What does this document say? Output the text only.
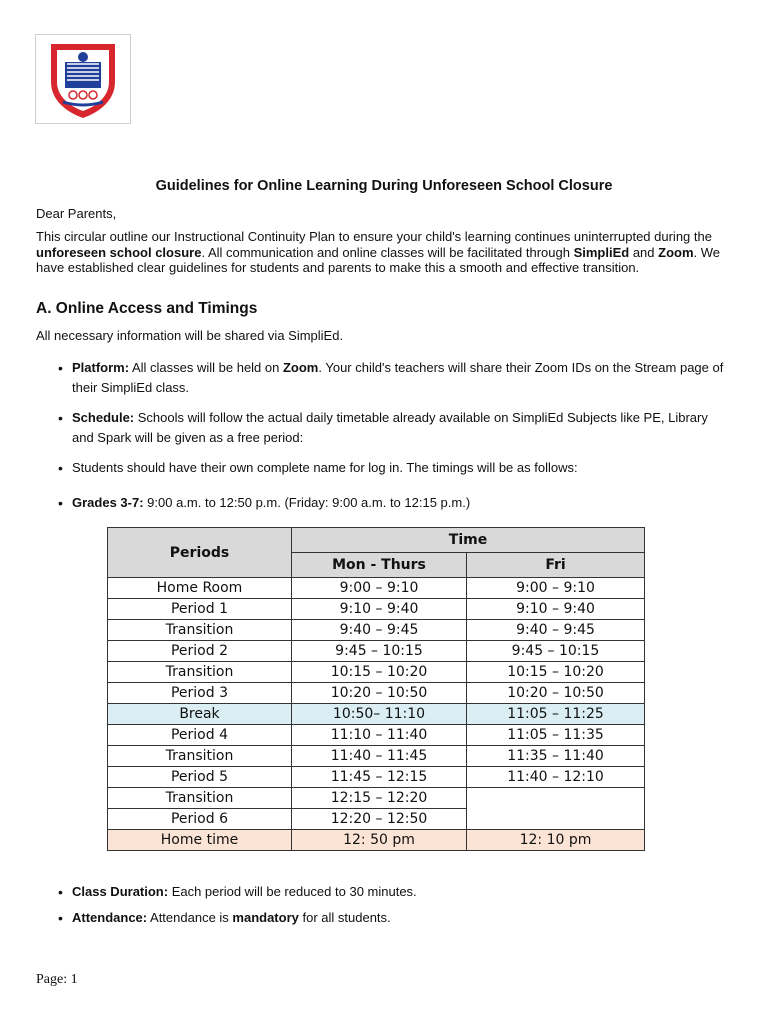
Guidelines for Online Learning During Unforeseen School Closure
Dear Parents,
This circular outline our Instructional Continuity Plan to ensure your child's learning continues uninterrupted during the unforeseen school closure. All communication and online classes will be facilitated through SimpliEd and Zoom. We have established clear guidelines for students and parents to make this a smooth and effective transition.
A. Online Access and Timings
All necessary information will be shared via SimpliEd.
• Platform: All classes will be held on Zoom. Your child's teachers will share their Zoom IDs on the Stream page of their SimpliEd class.
• Schedule: Schools will follow the actual daily timetable already available on SimpliEd Subjects like PE, Library and Spark will be given as a free period:
• Students should have their own complete name for log in. The timings will be as follows:
• Grades 3-7: 9:00 a.m. to 12:50 p.m. (Friday: 9:00 a.m. to 12:15 p.m.)
• Class Duration: Each period will be reduced to 30 minutes.
• Attendance: Attendance is mandatory for all students.
Periods	Time	
	Mon - Thurs	Fri
Home Room	9:00 – 9:10	9:00 – 9:10
Period 1	9:10 – 9:40	9:10 – 9:40
Transition	9:40 – 9:45	9:40 – 9:45
Period 2	9:45 – 10:15	9:45 – 10:15
Transition	10:15 – 10:20	10:15 – 10:20
Period 3	10:20 – 10:50	10:20 – 10:50
Break	10:50– 11:10	11:05 – 11:25
Period 4	11:10 – 11:40	11:05 – 11:35
Transition	11:40 – 11:45	11:35 – 11:40
Period 5	11:45 – 12:15	11:40 – 12:10
Transition	12:15 – 12:20	
Period 6	12:20 – 12:50	
Home time	12: 50 pm	12: 10 pm
Page: 1
